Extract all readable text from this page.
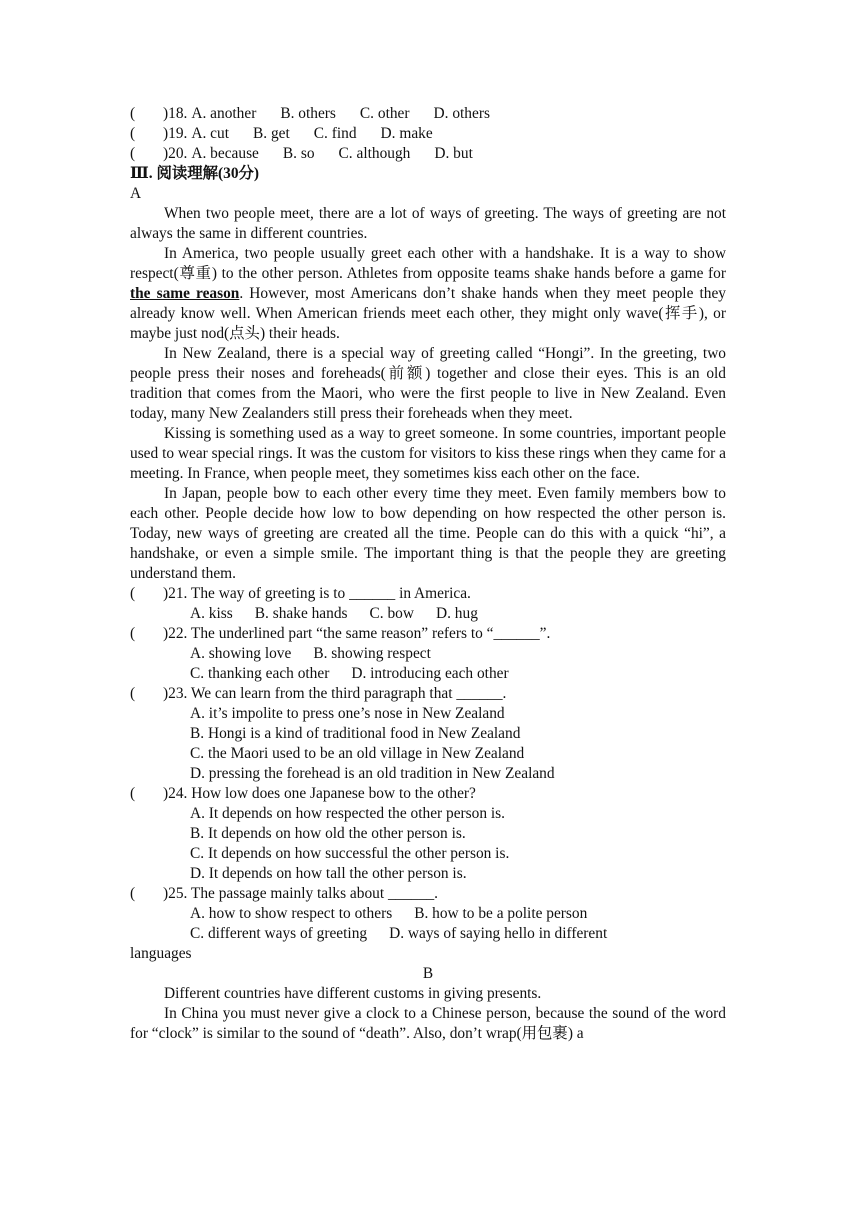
(	)18. A. another B. others C. other D. others
(	)19. A. cut B. get C. find D. make
(	)20. A. because B. so C. although D. but
Ⅲ. 阅读理解(30分)
A

When two people meet, there are a lot of ways of greeting. The ways of greeting are not always the same in different countries.

In America, two people usually greet each other with a handshake. It is a way to show respect(尊重) to the other person. Athletes from opposite teams shake hands before a game for the same reason. However, most Americans don’t shake hands when they meet people they already know well. When American friends meet each other, they might only wave(挥手), or maybe just nod(点头) their heads.

In New Zealand, there is a special way of greeting called “Hongi”. In the greeting, two people press their noses and foreheads(前额) together and close their eyes. This is an old tradition that comes from the Maori, who were the first people to live in New Zealand. Even today, many New Zealanders still press their foreheads when they meet.

Kissing is something used as a way to greet someone. In some countries, important people used to wear special rings. It was the custom for visitors to kiss these rings when they came for a meeting. In France, when people meet, they sometimes kiss each other on the face.

In Japan, people bow to each other every time they meet. Even family members bow to each other. People decide how low to bow depending on how respected the other person is. Today, new ways of greeting are created all the time. People can do this with a quick “hi”, a handshake, or even a simple smile. The important thing is that the people they are greeting understand them.

(	)21. The way of greeting is to ______ in America.
A. kiss B. shake hands C. bow D. hug
(	)22. The underlined part “the same reason” refers to “______”.
A. showing love B. showing respect
C. thanking each other D. introducing each other
(	)23. We can learn from the third paragraph that ______.
A. it’s impolite to press one’s nose in New Zealand
B. Hongi is a kind of traditional food in New Zealand
C. the Maori used to be an old village in New Zealand
D. pressing the forehead is an old tradition in New Zealand
(	)24. How low does one Japanese bow to the other?
A. It depends on how respected the other person is.
B. It depends on how old the other person is.
C. It depends on how successful the other person is.
D. It depends on how tall the other person is.
(	)25. The passage mainly talks about ______.
A. how to show respect to others B. how to be a polite person
C. different ways of greeting D. ways of saying hello in different
languages
B

Different countries have different customs in giving presents.

In China you must never give a clock to a Chinese person, because the sound of the word for “clock” is similar to the sound of “death”. Also, don’t wrap(用包裹) a
